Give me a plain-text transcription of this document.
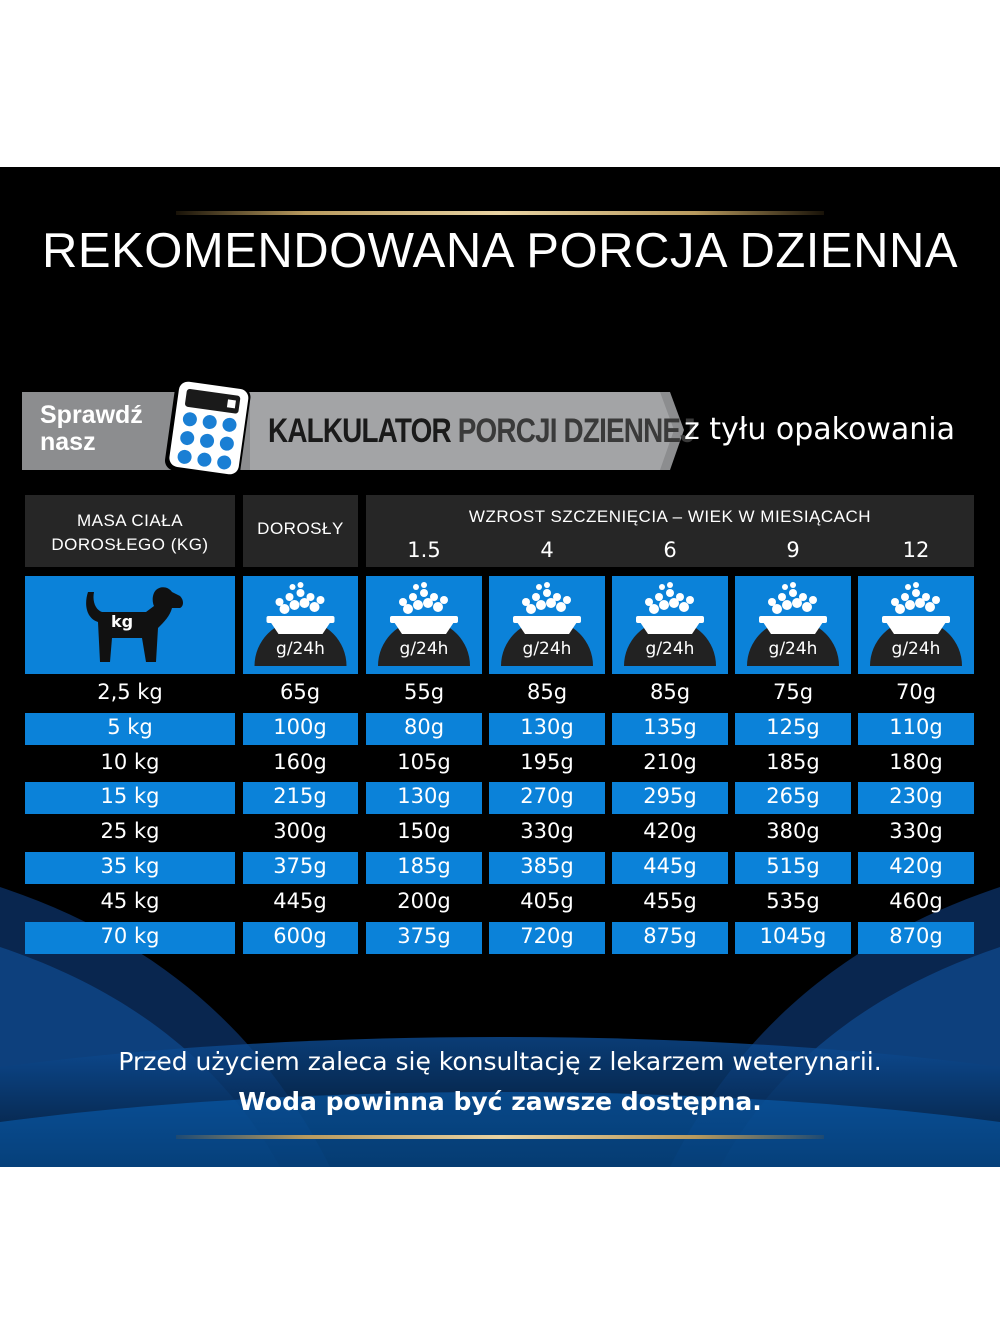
REKOMENDOWANA PORCJA DZIENNA
Sprawdź
nasz	KALKULATOR PORCJI DZIENNEJ
z tyłu opakowania
MASA CIAŁA
DOROSŁEGO (KG)
DOROSŁY
WZROST SZCZENIĘCIA – WIEK W MIESIĄCACH
1.5	4	6	9	12
kg
g/24h	g/24h	g/24h	g/24h	g/24h	g/24h
2,5 kg	65g	55g	85g	85g	75g	70g
5 kg	100g	80g	130g	135g	125g	110g
10 kg	160g	105g	195g	210g	185g	180g
15 kg	215g	130g	270g	295g	265g	230g
25 kg	300g	150g	330g	420g	380g	330g
35 kg	375g	185g	385g	445g	515g	420g
45 kg	445g	200g	405g	455g	535g	460g
70 kg	600g	375g	720g	875g	1045g	870g
Przed użyciem zaleca się konsultację z lekarzem weterynarii.
Woda powinna być zawsze dostępna.
